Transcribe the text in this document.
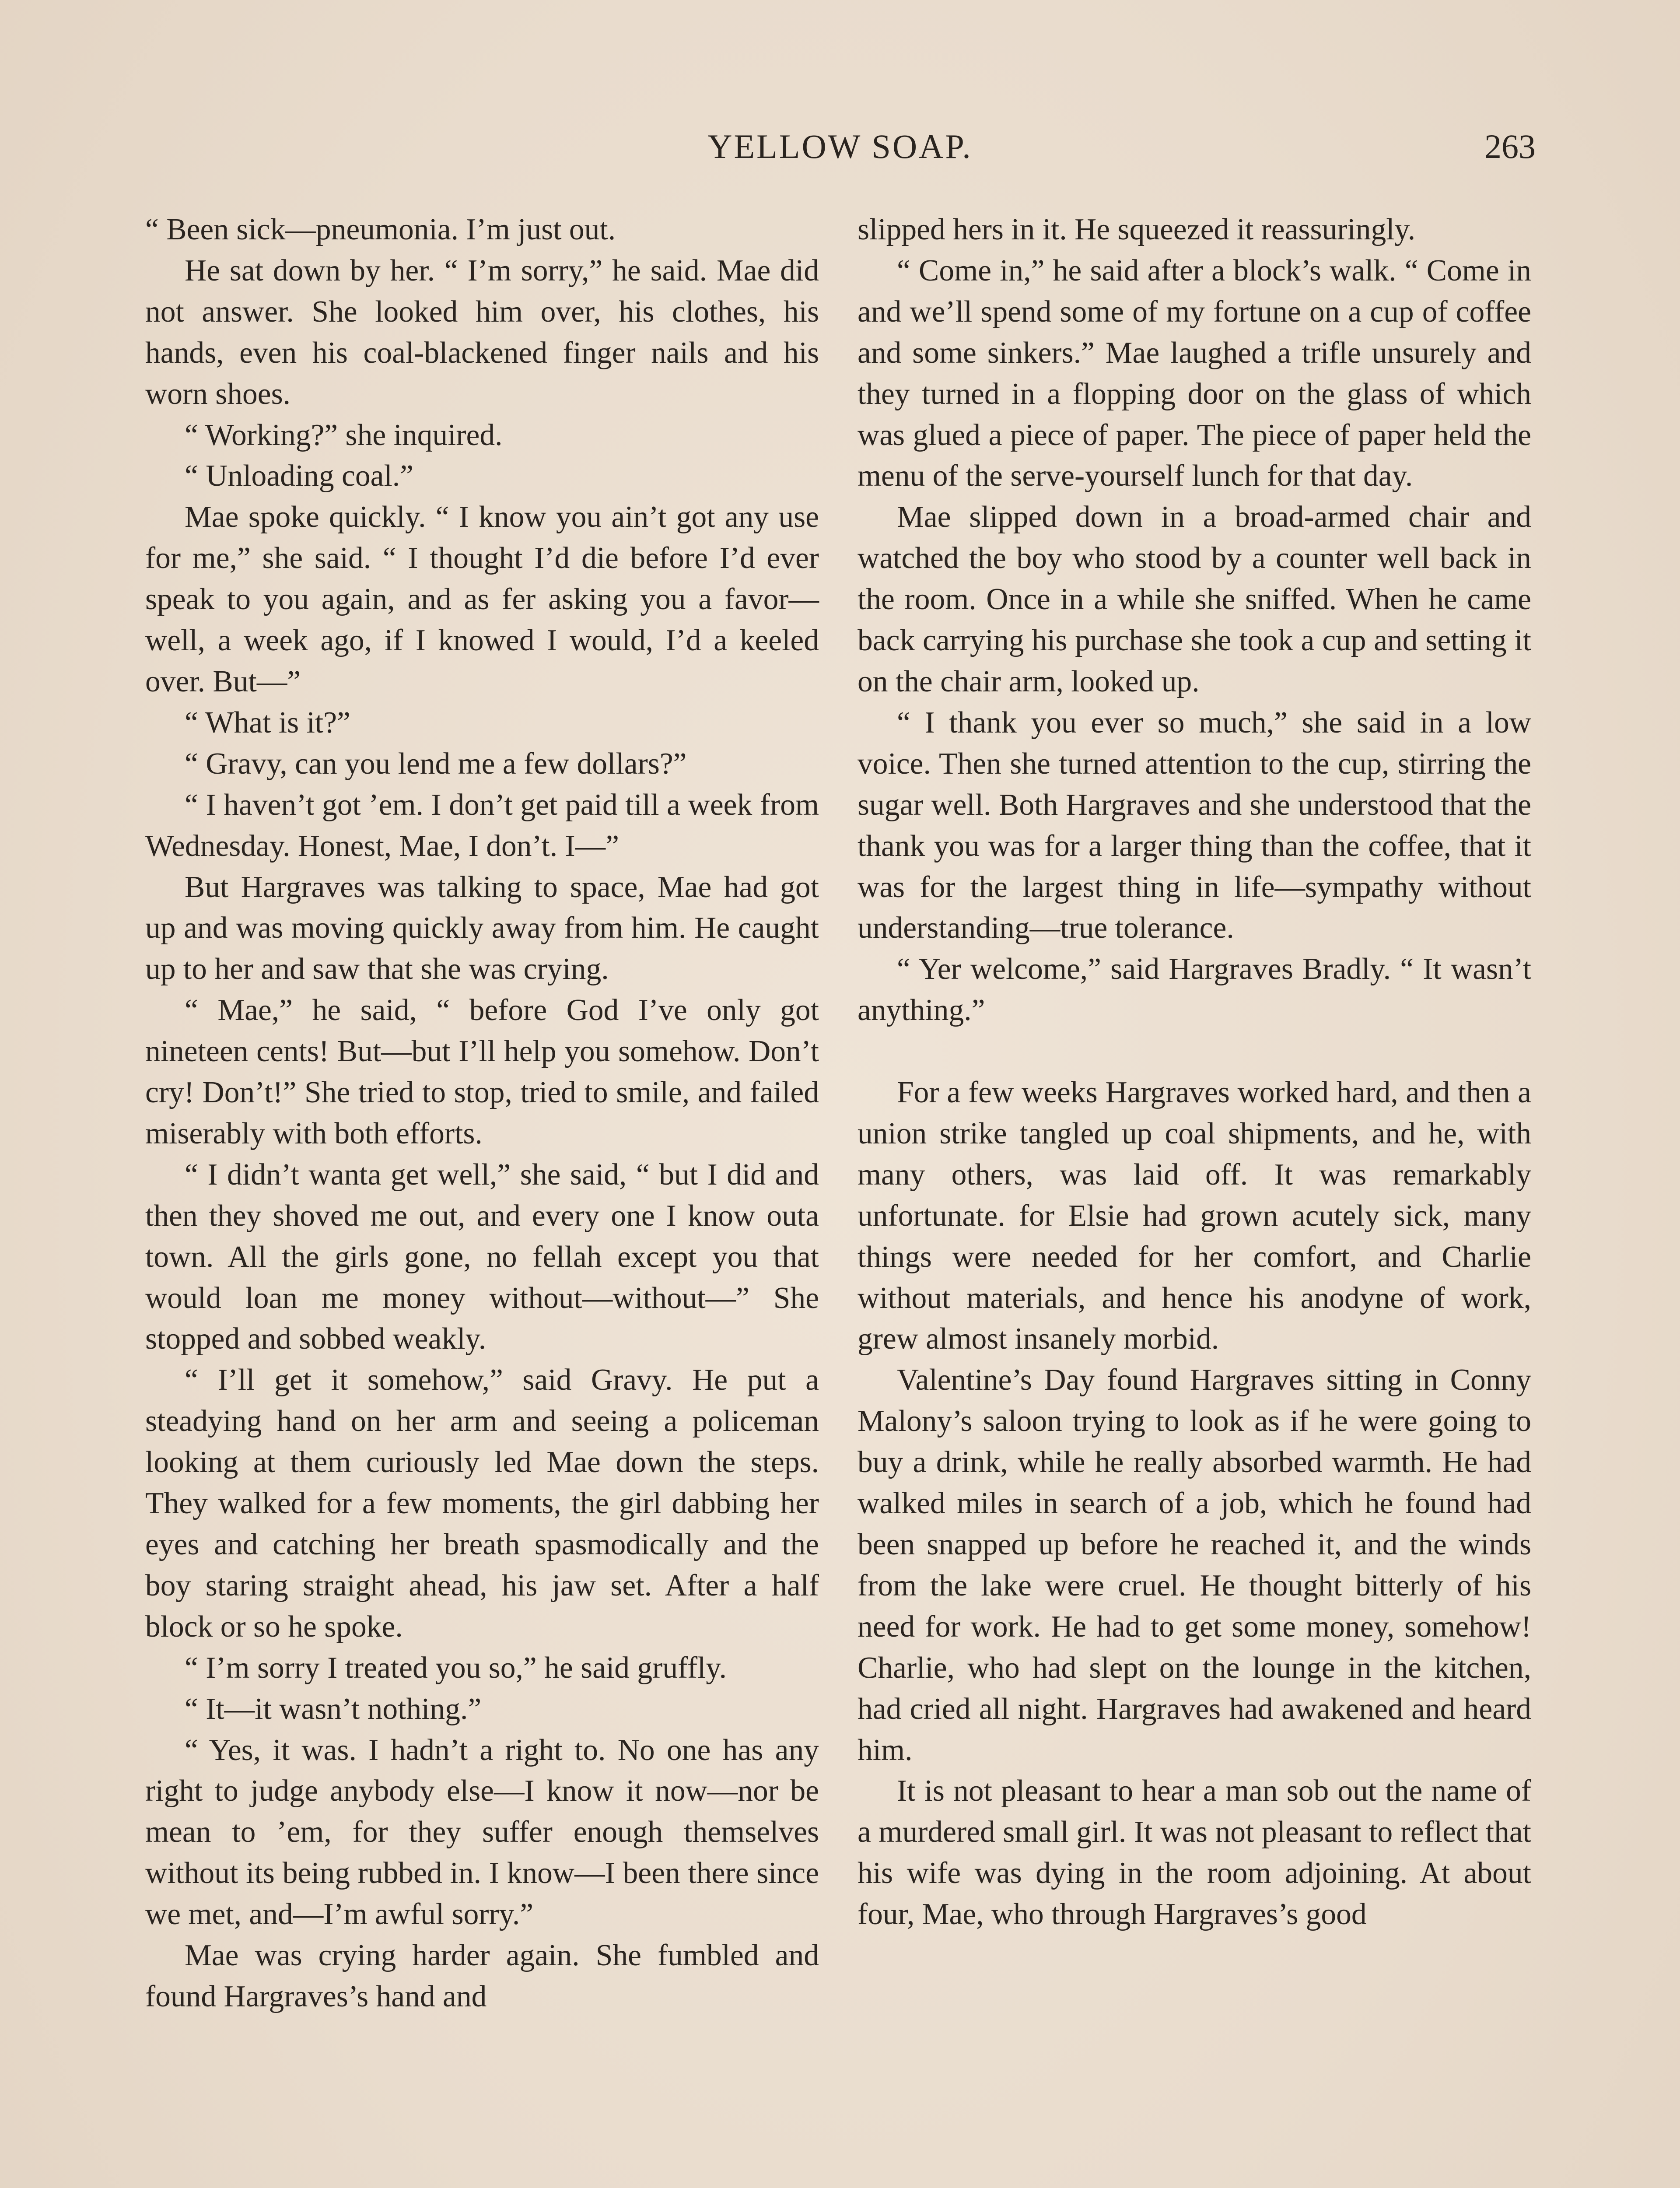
YELLOW SOAP.	263

“ Been sick—pneumonia. I’m just out.

He sat down by her. “ I’m sorry,” he said. Mae did not answer. She looked him over, his clothes, his hands, even his coal-blackened finger nails and his worn shoes.

“ Working?” she inquired.

“ Unloading coal.”

Mae spoke quickly. “ I know you ain’t got any use for me,” she said. “ I thought I’d die before I’d ever speak to you again, and as fer asking you a favor—well, a week ago, if I knowed I would, I’d a keeled over. But—”

“ What is it?”

“ Gravy, can you lend me a few dollars?”

“ I haven’t got ’em. I don’t get paid till a week from Wednesday. Honest, Mae, I don’t. I—”

But Hargraves was talking to space, Mae had got up and was moving quickly away from him. He caught up to her and saw that she was crying.

“ Mae,” he said, “ before God I’ve only got nineteen cents! But—but I’ll help you somehow. Don’t cry! Don’t!” She tried to stop, tried to smile, and failed miserably with both efforts.

“ I didn’t wanta get well,” she said, “ but I did and then they shoved me out, and every one I know outa town. All the girls gone, no fellah except you that would loan me money without—without—” She stopped and sobbed weakly.

“ I’ll get it somehow,” said Gravy. He put a steadying hand on her arm and seeing a policeman looking at them curiously led Mae down the steps. They walked for a few moments, the girl dabbing her eyes and catching her breath spasmodically and the boy staring straight ahead, his jaw set. After a half block or so he spoke.

“ I’m sorry I treated you so,” he said gruffly.

“ It—it wasn’t nothing.”

“ Yes, it was. I hadn’t a right to. No one has any right to judge anybody else—I know it now—nor be mean to ’em, for they suffer enough themselves without its being rubbed in. I know—I been there since we met, and—I’m awful sorry.”

Mae was crying harder again. She fumbled and found Hargraves’s hand and

slipped hers in it. He squeezed it reassuringly.

“ Come in,” he said after a block’s walk. “ Come in and we’ll spend some of my fortune on a cup of coffee and some sinkers.” Mae laughed a trifle unsurely and they turned in a flopping door on the glass of which was glued a piece of paper. The piece of paper held the menu of the serve-yourself lunch for that day.

Mae slipped down in a broad-armed chair and watched the boy who stood by a counter well back in the room. Once in a while she sniffed. When he came back carrying his purchase she took a cup and setting it on the chair arm, looked up.

“ I thank you ever so much,” she said in a low voice. Then she turned attention to the cup, stirring the sugar well. Both Hargraves and she understood that the thank you was for a larger thing than the coffee, that it was for the largest thing in life—sympathy without understanding—true tolerance.

“ Yer welcome,” said Hargraves Bradly. “ It wasn’t anything.”

For a few weeks Hargraves worked hard, and then a union strike tangled up coal shipments, and he, with many others, was laid off. It was remarkably unfortunate. for Elsie had grown acutely sick, many things were needed for her comfort, and Charlie without materials, and hence his anodyne of work, grew almost insanely morbid.

Valentine’s Day found Hargraves sitting in Conny Malony’s saloon trying to look as if he were going to buy a drink, while he really absorbed warmth. He had walked miles in search of a job, which he found had been snapped up before he reached it, and the winds from the lake were cruel. He thought bitterly of his need for work. He had to get some money, somehow! Charlie, who had slept on the lounge in the kitchen, had cried all night. Hargraves had awakened and heard him.

It is not pleasant to hear a man sob out the name of a murdered small girl. It was not pleasant to reflect that his wife was dying in the room adjoining. At about four, Mae, who through Hargraves’s good
